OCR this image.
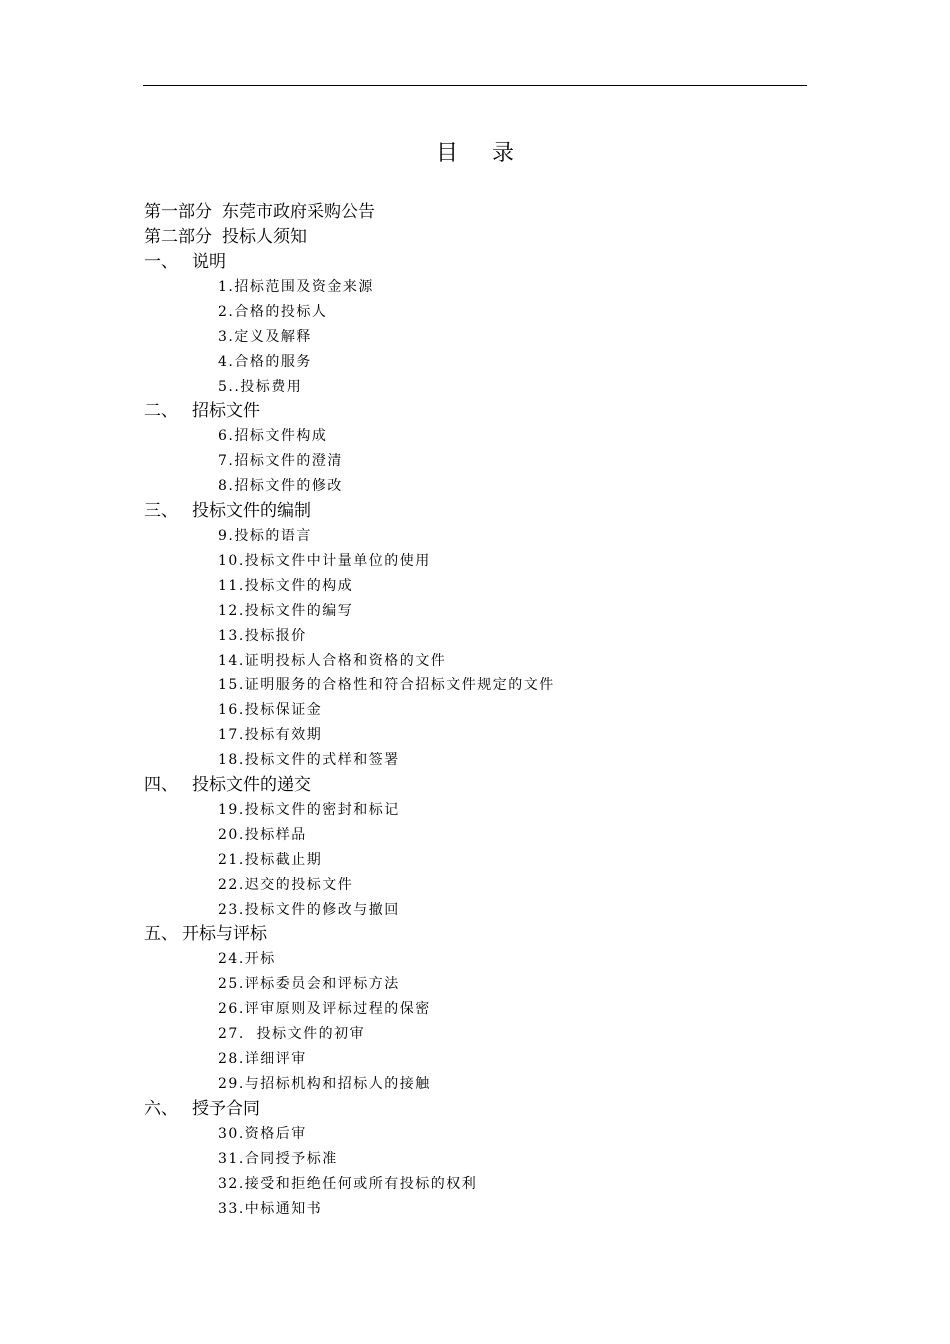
目 录
第一部分 东莞市政府采购公告
第二部分 投标人须知
一、 说明
1.招标范围及资金来源
2.合格的投标人
3.定义及解释
4.合格的服务
5..投标费用
二、 招标文件
6.招标文件构成
7.招标文件的澄清
8.招标文件的修改
三、 投标文件的编制
9.投标的语言
10.投标文件中计量单位的使用
11.投标文件的构成
12.投标文件的编写
13.投标报价
14.证明投标人合格和资格的文件
15.证明服务的合格性和符合招标文件规定的文件
16.投标保证金
17.投标有效期
18.投标文件的式样和签署
四、 投标文件的递交
19.投标文件的密封和标记
20.投标样品
21.投标截止期
22.迟交的投标文件
23.投标文件的修改与撤回
五、 开标与评标
24.开标
25.评标委员会和评标方法
26.评审原则及评标过程的保密
27.  投标文件的初审
28.详细评审
29.与招标机构和招标人的接触
六、 授予合同
30.资格后审
31.合同授予标准
32.接受和拒绝任何或所有投标的权利
33.中标通知书
